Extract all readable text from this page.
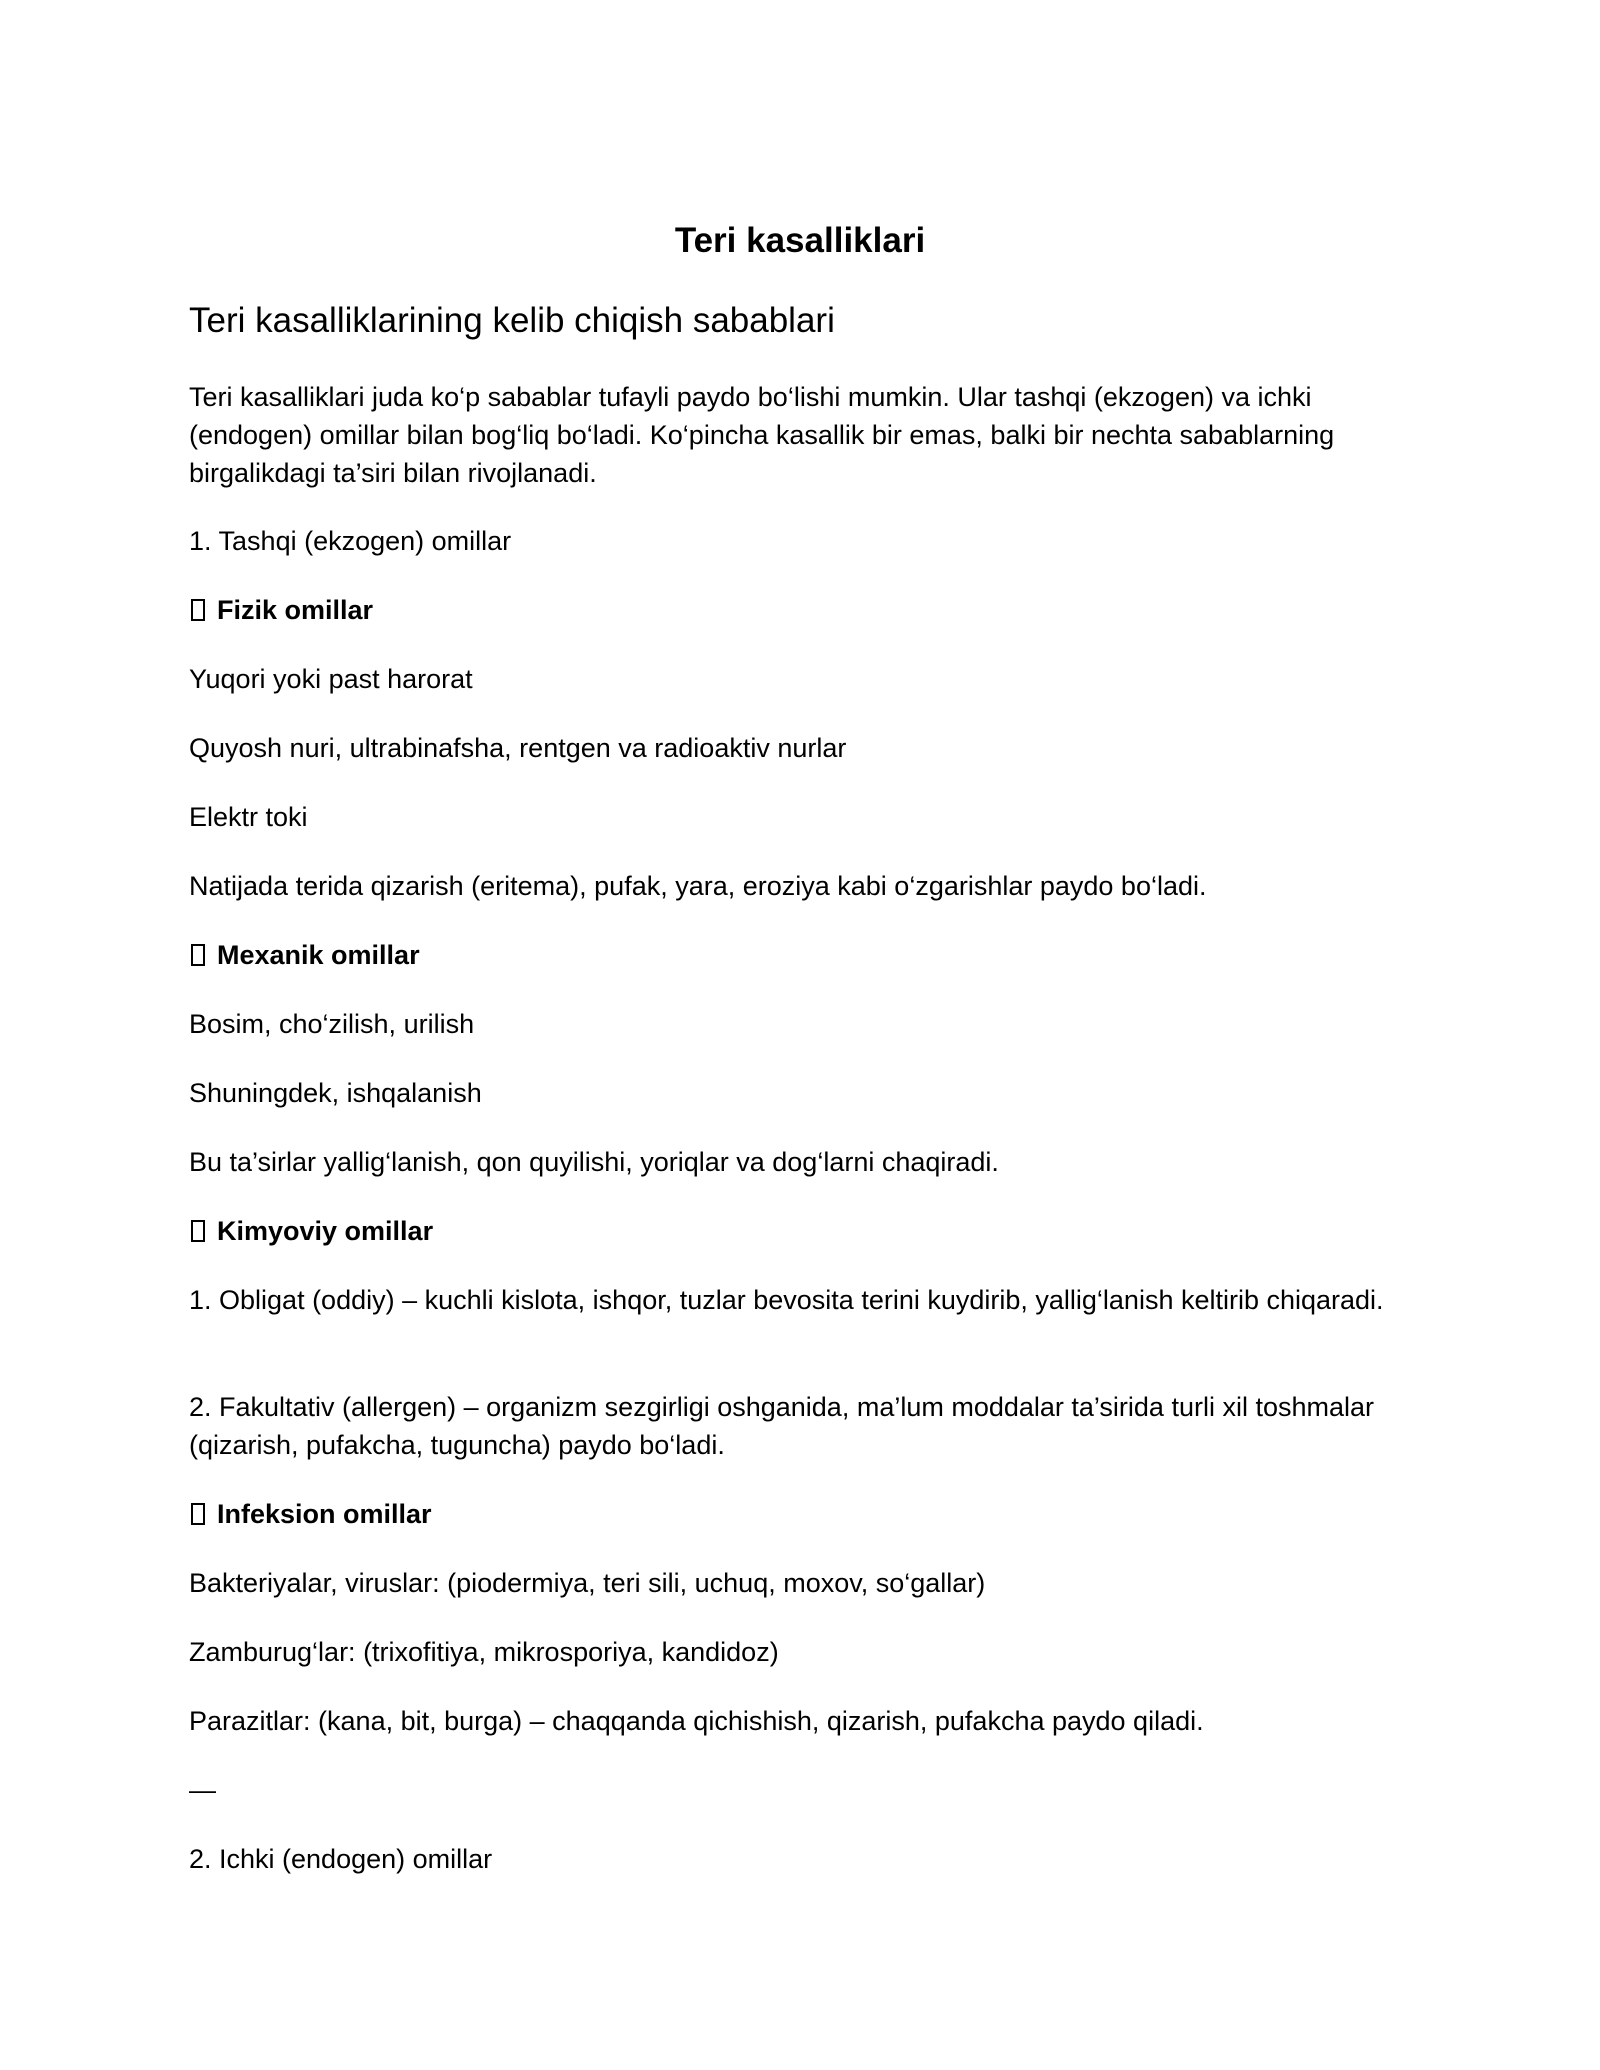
Teri kasalliklari
Teri kasalliklarining kelib chiqish sabablari

Teri kasalliklari juda ko‘p sabablar tufayli paydo bo‘lishi mumkin. Ular tashqi (ekzogen) va ichki (endogen) omillar bilan bog‘liq bo‘ladi. Ko‘pincha kasallik bir emas, balki bir nechta sabablarning birgalikdagi ta’siri bilan rivojlanadi.

1. Tashqi (ekzogen) omillar

Fizik omillar

Yuqori yoki past harorat

Quyosh nuri, ultrabinafsha, rentgen va radioaktiv nurlar

Elektr toki

Natijada terida qizarish (eritema), pufak, yara, eroziya kabi o‘zgarishlar paydo bo‘ladi.

Mexanik omillar

Bosim, cho‘zilish, urilish

Shuningdek, ishqalanish

Bu ta’sirlar yallig‘lanish, qon quyilishi, yoriqlar va dog‘larni chaqiradi.

Kimyoviy omillar

1. Obligat (oddiy) – kuchli kislota, ishqor, tuzlar bevosita terini kuydirib, yallig‘lanish keltirib chiqaradi.

2. Fakultativ (allergen) – organizm sezgirligi oshganida, ma’lum moddalar ta’sirida turli xil toshmalar (qizarish, pufakcha, tuguncha) paydo bo‘ladi.

Infeksion omillar

Bakteriyalar, viruslar: (piodermiya, teri sili, uchuq, moxov, so‘gallar)

Zamburug‘lar: (trixofitiya, mikrosporiya, kandidoz)

Parazitlar: (kana, bit, burga) – chaqqanda qichishish, qizarish, pufakcha paydo qiladi.

—

2. Ichki (endogen) omillar
